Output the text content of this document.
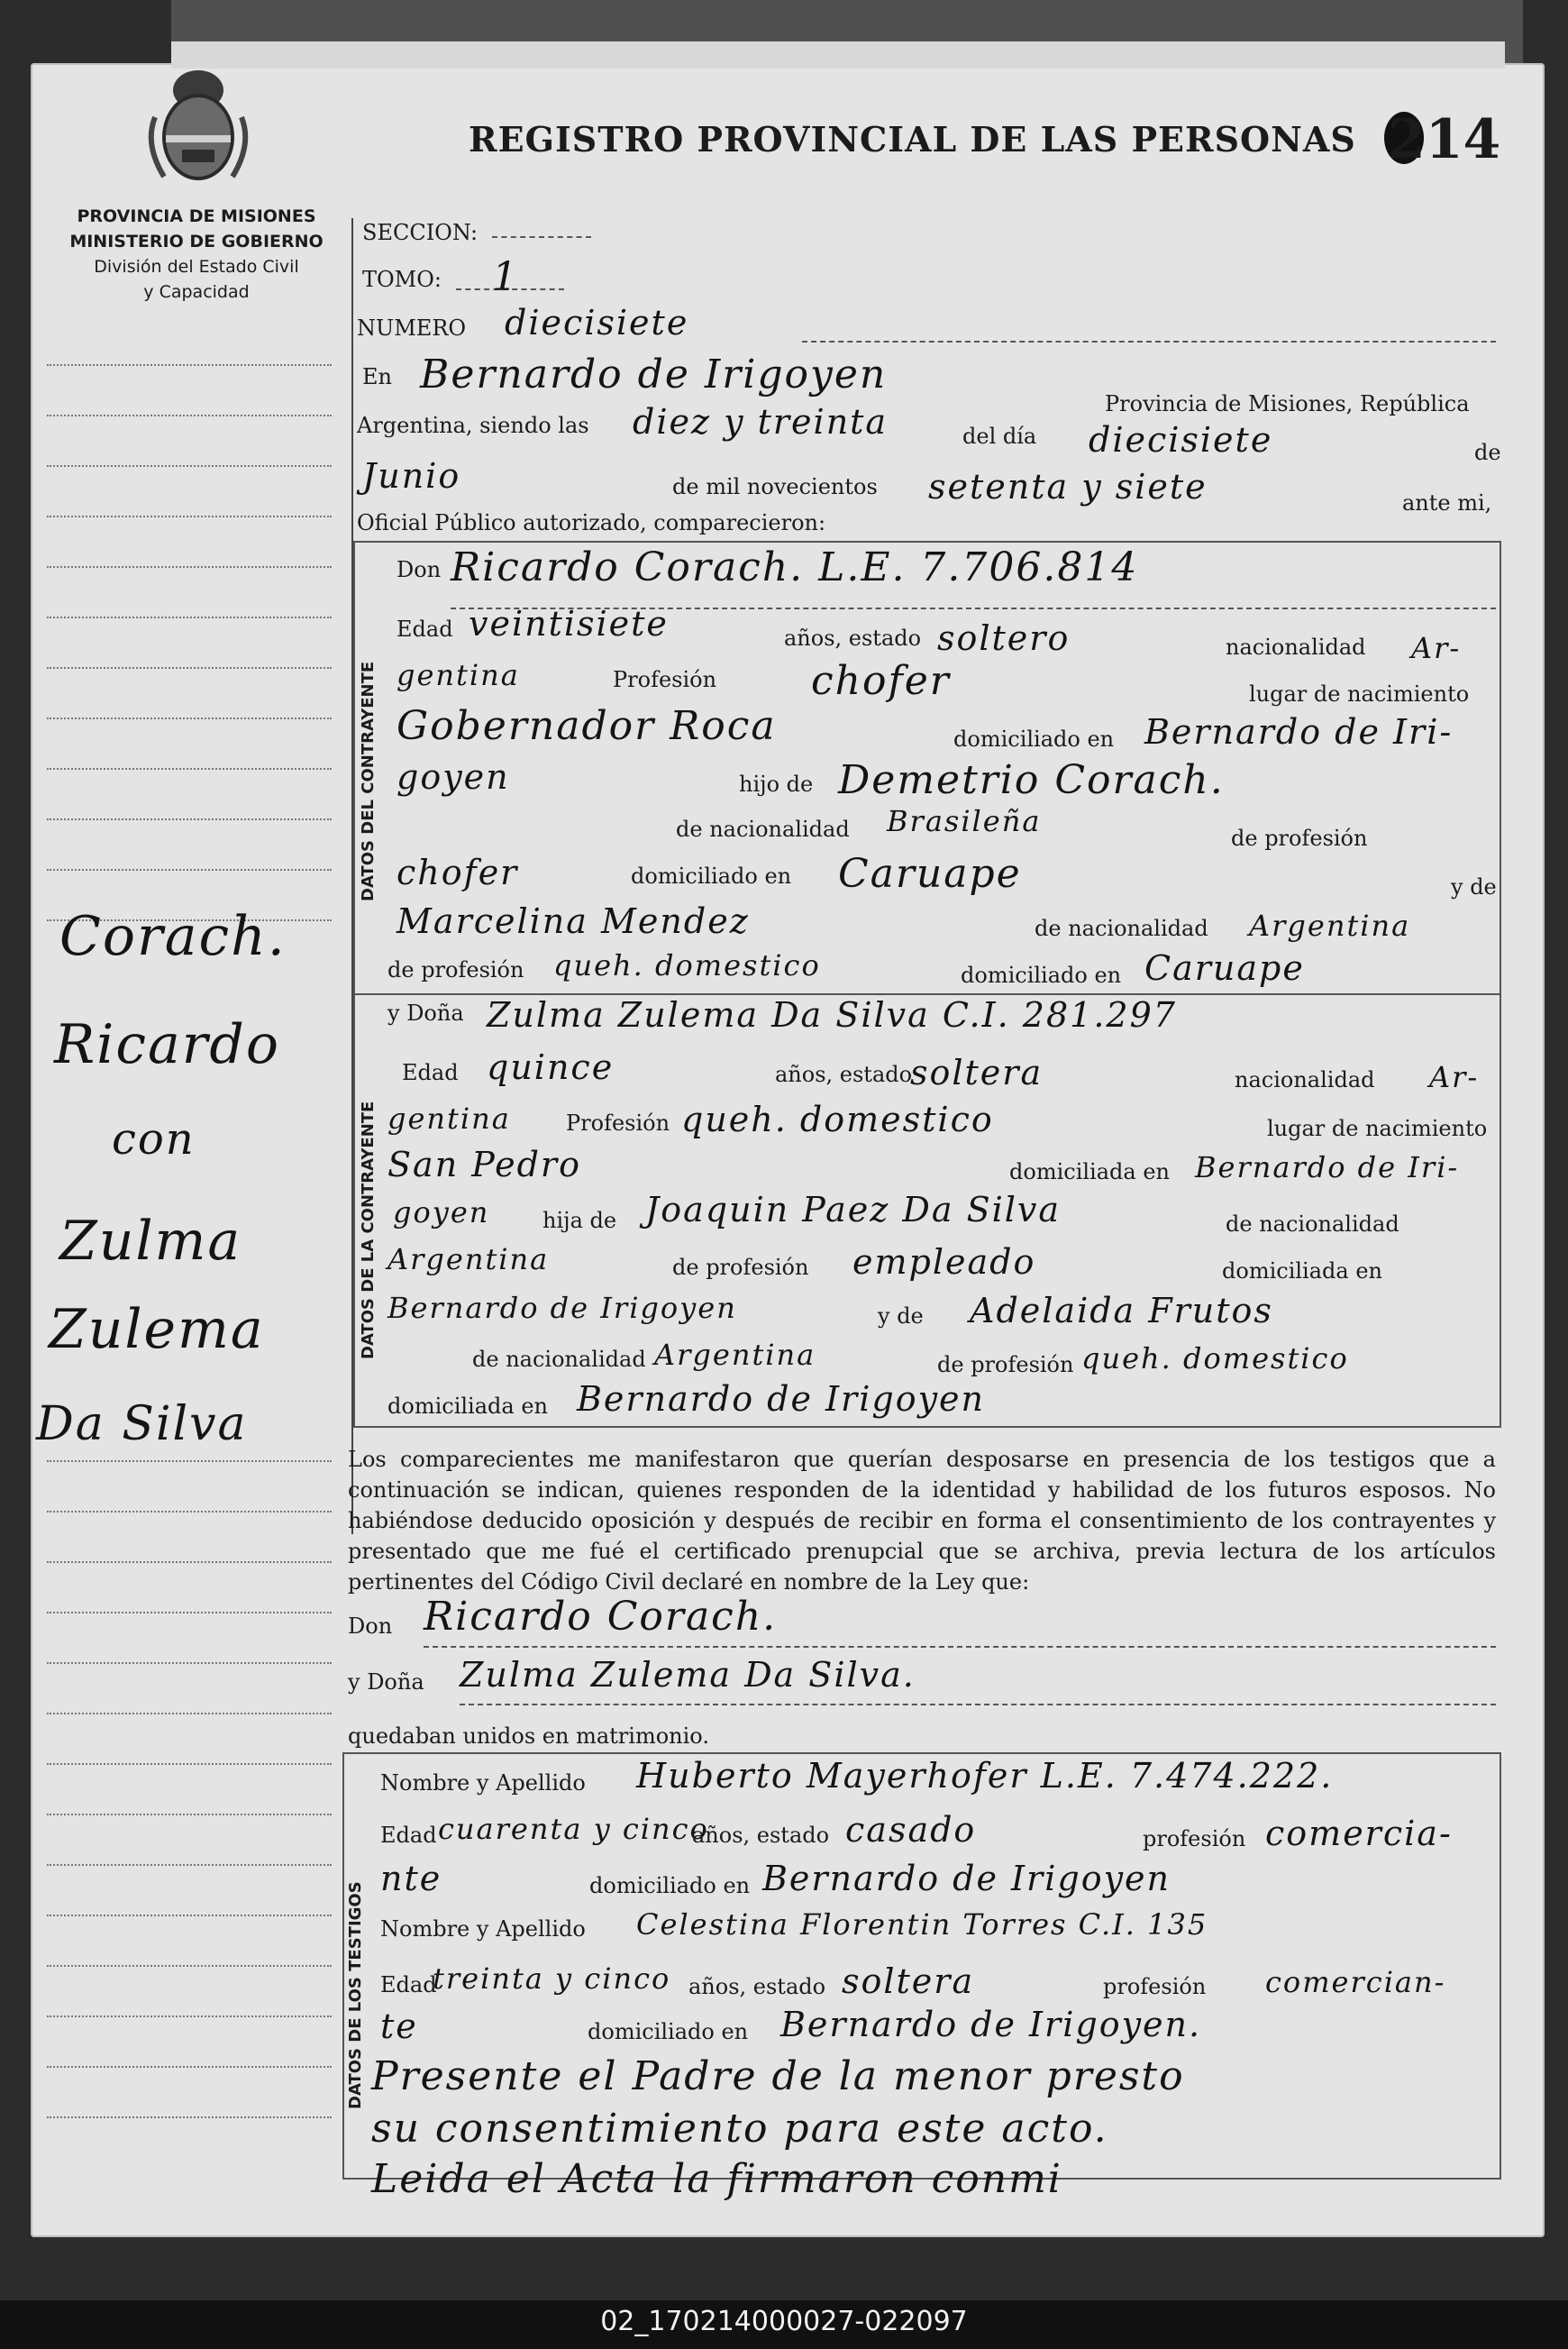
PROVINCIA DE MISIONES
MINISTERIO DE GOBIERNO
División del Estado Civil
y Capacidad
REGISTRO PROVINCIAL DE LAS PERSONAS 214
Corach.
Ricardo
con
Zulma
Zulema
Da Silva
SECCION:
TOMO: 1
NUMERO diecisiete
En Bernardo de Irigoyen
Provincia de Misiones, República
Argentina, siendo las diez y treinta	del día diecisiete	de
Junio	de mil novecientos setenta y siete	ante mi,
Oficial Público autorizado, comparecieron:
DATOS DEL CONTRAYENTE
Don Ricardo Corach. L.E. 7.706.814
Edad veintisiete	años, estado soltero	nacionalidad Ar-
gentina	Profesión chofer	lugar de nacimiento
Gobernador Roca	domiciliado en Bernardo de Iri-
goyen	hijo de Demetrio Corach.
de nacionalidad Brasileña	de profesión
chofer	domiciliado en Caruape	y de
Marcelina Mendez	de nacionalidad Argentina
de profesión queh. domestico	domiciliado en Caruape
DATOS DE LA CONTRAYENTE
y Doña Zulma Zulema Da Silva C.I. 281.297
Edad quince	años, estado
soltera	nacionalidad Ar-
gentina	Profesión queh. domestico	lugar de nacimiento
San Pedro	domiciliada en Bernardo de Iri-
goyen hija de Joaquin Paez Da Silva	de nacionalidad
Argentina	de profesión empleado	domiciliada en
Bernardo de Irigoyen	y de Adelaida Frutos
de nacionalidad Argentina	de profesión queh. domestico
domiciliada en Bernardo de Irigoyen
Los comparecientes me manifestaron que querían desposarse en presencia de los testigos que a continuación se indican, quienes responden de la identidad y habilidad de los futuros esposos. No habiéndose deducido oposición y después de recibir en forma el consentimiento de los contrayentes y presentado que me fué el certificado prenupcial que se archiva, previa lectura de los artículos pertinentes del Código Civil declaré en nombre de la Ley que:
Don Ricardo Corach.
y Doña Zulma Zulema Da Silva.
quedaban unidos en matrimonio.
DATOS DE LOS TESTIGOS
Nombre y Apellido Huberto Mayerhofer L.E. 7.474.222.
Edad cuarenta y cinco
años, estado casado	profesión comercia-
nte	domiciliado en Bernardo de Irigoyen
Nombre y Apellido Celestina Florentin Torres C.I. 135
Edad
treinta y cinco años, estado soltera	profesión comercian-
te	domiciliado en Bernardo de Irigoyen.
Presente el Padre de la menor presto
su consentimiento para este acto.
Leida el Acta la firmaron conmi
02_170214000027-022097
